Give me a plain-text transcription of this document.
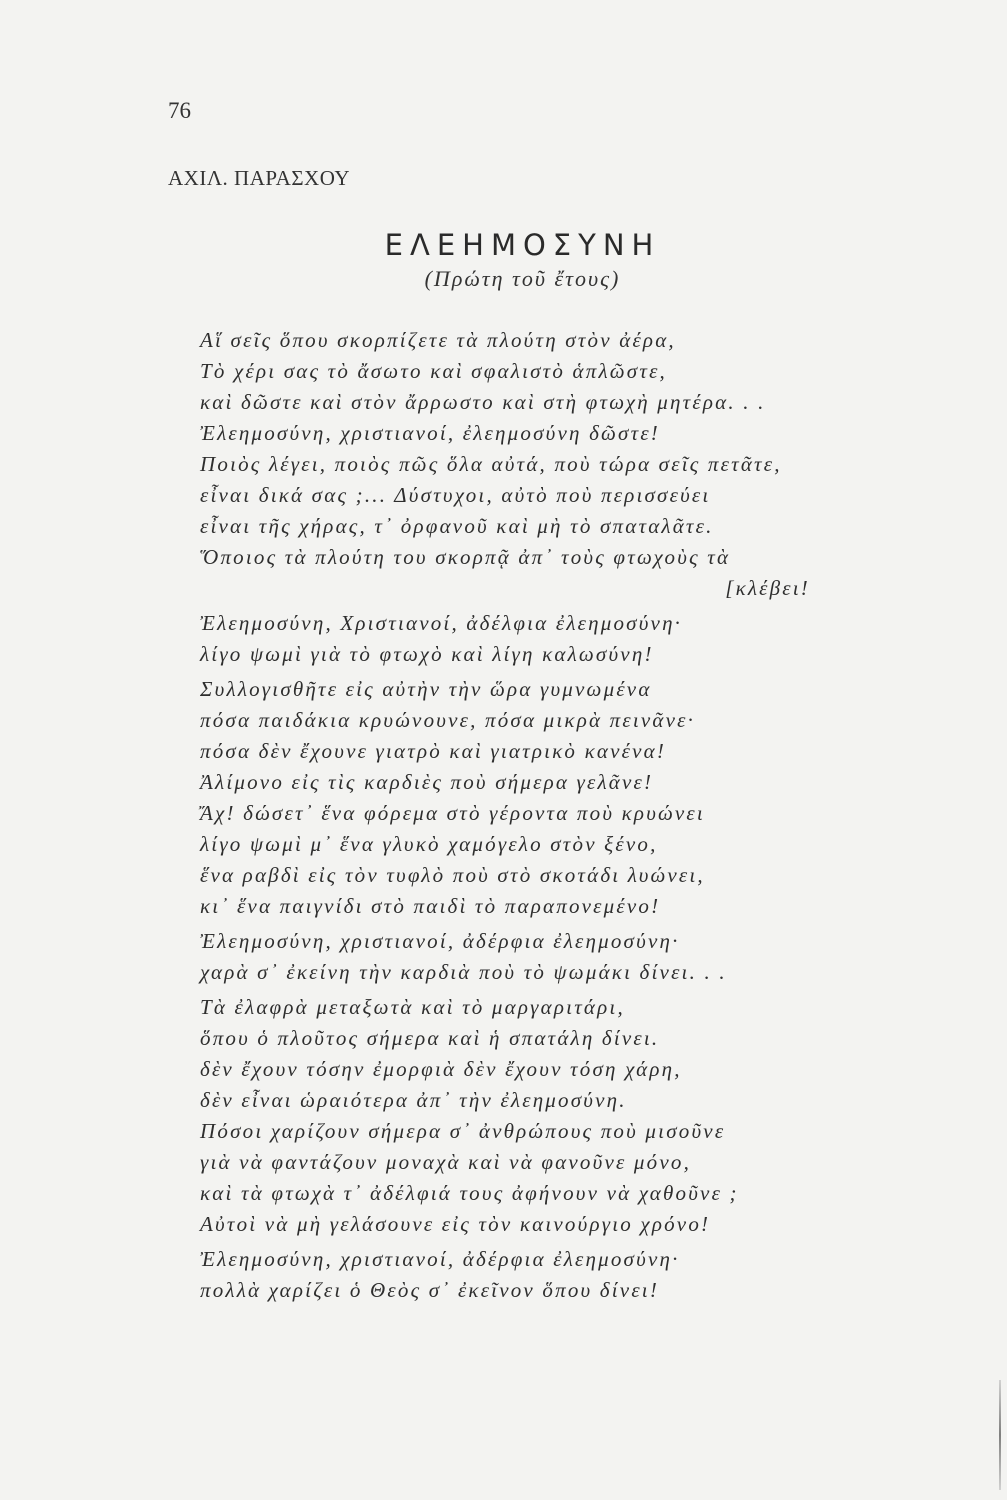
76
ΑΧΙΛ. ΠΑΡΑΣΧΟΥ
ΕΛΕΗΜΟΣΥΝΗ
(Πρώτη τοῦ ἔτους)
Αἵ σεῖς ὅπου σκορπίζετε τὰ πλούτη στὸν ἀέρα,
Τὸ χέρι σας τὸ ἄσωτο καὶ σφαλιστὸ ἁπλῶστε,
καὶ δῶστε καὶ στὸν ἄρρωστο καὶ στὴ φτωχὴ μητέρα. . .
Ἐλεημοσύνη, χριστιανοί, ἐλεημοσύνη δῶστε!
Ποιὸς λέγει, ποιὸς πῶς ὅλα αὐτά, ποὺ τώρα σεῖς πετᾶτε,
εἶναι δικά σας ;... Δύστυχοι, αὐτὸ ποὺ περισσεύει
εἶναι τῆς χήρας, τ᾽ ὀρφανοῦ καὶ μὴ τὸ σπαταλᾶτε.
Ὅποιος τὰ πλούτη του σκορπᾷ ἀπ᾽ τοὺς φτωχοὺς τὰ
[κλέβει!
Ἐλεημοσύνη, Χριστιανοί, ἀδέλφια ἐλεημοσύνη·
λίγο ψωμὶ γιὰ τὸ φτωχὸ καὶ λίγη καλωσύνη!
Συλλογισθῆτε εἰς αὐτὴν τὴν ὥρα γυμνωμένα
πόσα παιδάκια κρυώνουνε, πόσα μικρὰ πεινᾶνε·
πόσα δὲν ἔχουνε γιατρὸ καὶ γιατρικὸ κανένα!
Ἀλίμονο εἰς τὶς καρδιὲς ποὺ σήμερα γελᾶνε!
Ἄχ! δώσετ᾽ ἕνα φόρεμα στὸ γέροντα ποὺ κρυώνει
λίγο ψωμὶ μ᾽ ἕνα γλυκὸ χαμόγελο στὸν ξένο,
ἕνα ραβδὶ εἰς τὸν τυφλὸ ποὺ στὸ σκοτάδι λυώνει,
κι᾽ ἕνα παιγνίδι στὸ παιδὶ τὸ παραπονεμένο!
Ἐλεημοσύνη, χριστιανοί, ἀδέρφια ἐλεημοσύνη·
χαρὰ σ᾽ ἐκείνη τὴν καρδιὰ ποὺ τὸ ψωμάκι δίνει. . .
Τὰ ἐλαφρὰ μεταξωτὰ καὶ τὸ μαργαριτάρι,
ὅπου ὁ πλοῦτος σήμερα καὶ ἡ σπατάλη δίνει.
δὲν ἔχουν τόσην ἐμορφιὰ δὲν ἔχουν τόση χάρη,
δὲν εἶναι ὡραιότερα ἀπ᾽ τὴν ἐλεημοσύνη.
Πόσοι χαρίζουν σήμερα σ᾽ ἀνθρώπους ποὺ μισοῦνε
γιὰ νὰ φαντάζουν μοναχὰ καὶ νὰ φανοῦνε μόνο,
καὶ τὰ φτωχὰ τ᾽ ἀδέλφιά τους ἀφήνουν νὰ χαθοῦνε ;
Αὐτοὶ νὰ μὴ γελάσουνε εἰς τὸν καινούργιο χρόνο!
Ἐλεημοσύνη, χριστιανοί, ἀδέρφια ἐλεημοσύνη·
πολλὰ χαρίζει ὁ Θεὸς σ᾽ ἐκεῖνον ὅπου δίνει!
